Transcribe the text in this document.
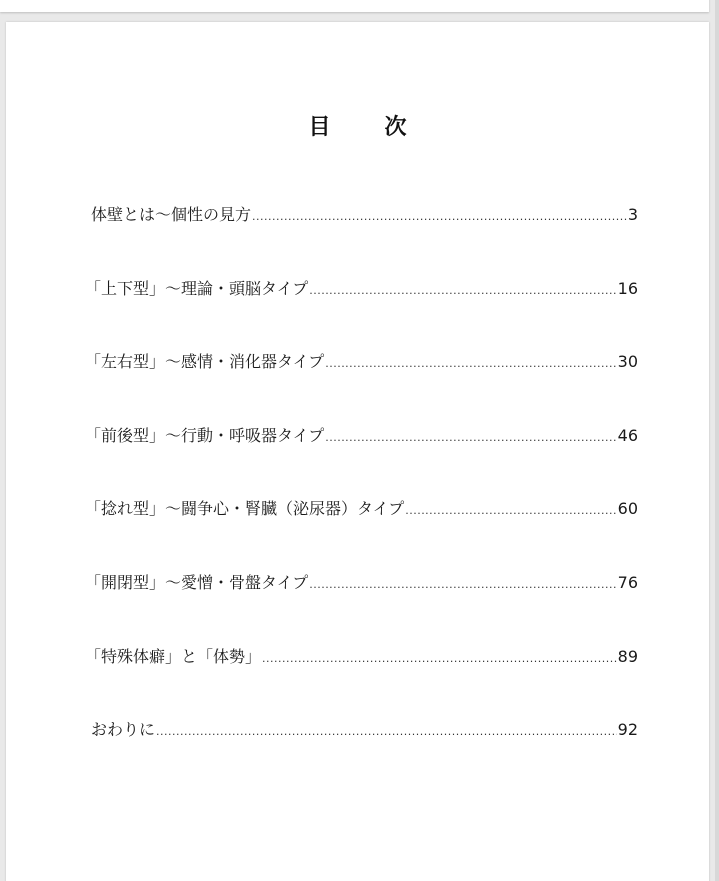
目　次
体壁とは〜個性の見方 .....	3
「上下型」〜理論・頭脳タイプ .....	16
「左右型」〜感情・消化器タイプ .....	30
「前後型」〜行動・呼吸器タイプ .....	46
「捻れ型」〜闘争心・腎臓（泌尿器）タイプ .....	60
「開閉型」〜愛憎・骨盤タイプ .....	76
「特殊体癖」と「体勢」 .....	89
おわりに .....	92
